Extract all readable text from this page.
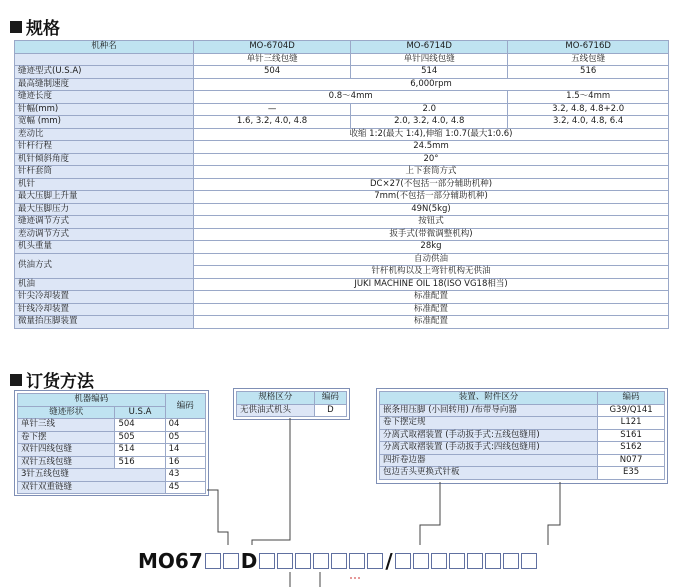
规格
机种名	MO-6704D	MO-6714D	MO-6716D
	单针三线包缝	单针四线包缝	五线包缝
缝迹型式(U.S.A)	504	514	516
最高缝制速度	6,000rpm		
缝迹长度	0.8～4mm		1.5～4mm
针幅(mm)	—	2.0	3.2, 4.8, 4.8+2.0
宽幅 (mm)	1.6, 3.2, 4.0, 4.8	2.0, 3.2, 4.0, 4.8	3.2, 4.0, 4.8, 6.4
差动比	收缩 1:2(最大 1:4),伸缩 1:0.7(最大1:0.6)		
针杆行程	24.5mm		
机针倾斜角度	20°		
针杆套筒	上下套筒方式		
机针	DC×27(不包括一部分辅助机种)		
最大压脚上升量	7mm(不包括一部分辅助机种)		
最大压脚压力	49N(5kg)		
缝迹调节方式	按钮式		
差动调节方式	扳手式(带微调整机构)		
机头重量	28kg		
供油方式	自动供油		
	针杆机构以及上弯针机构无供油		
机油	JUKI MACHINE OIL 18(ISO VG18相当)		
针尖冷却装置	标准配置		
针线冷却装置	标准配置		
微量抬压脚装置	标准配置		
订货方法
机器编码		编码
缝迹形状	U.S.A	
单针三线	504	04
卷下摆	505	05
双针四线包缝	514	14
双针五线包缝	516	16
3针五线包缝		43
双针双重链缝		45
规格区分	编码
无供油式机头	D
装置、附件区分	编码
嵌条用压脚 (小回转用) /布带导向器	G39/Q141
卷下摆定规	L121
分离式取褶装置 (手动扳手式:五线包缝用)	S161
分离式取褶装置 (手动扳手式:四线包缝用)	S162
四折卷边器	N077
包边舌头更换式针板	E35
MO67 D	/
